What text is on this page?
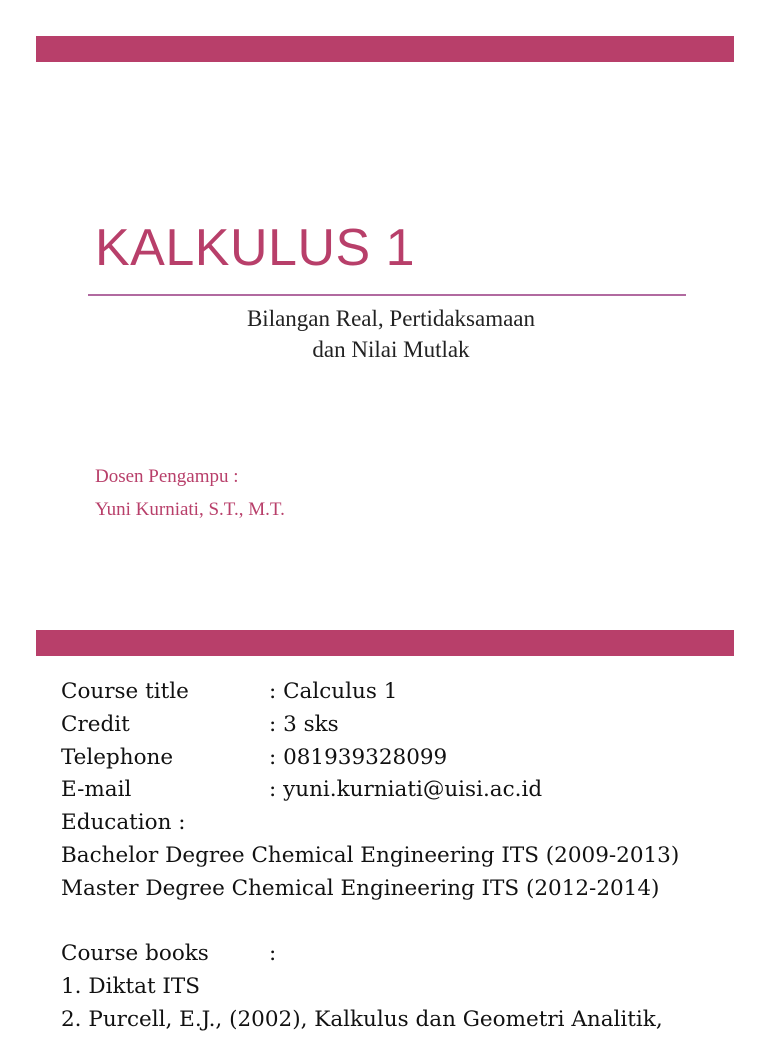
KALKULUS 1
Bilangan Real, Pertidaksamaan
dan Nilai Mutlak
Dosen Pengampu :
Yuni Kurniati, S.T., M.T.
Course title	: Calculus 1
Credit	: 3 sks
Telephone	: 081939328099
E-mail	: yuni.kurniati@uisi.ac.id
Education :
Bachelor Degree Chemical Engineering ITS (2009-2013)
Master Degree Chemical Engineering ITS (2012-2014)
Course books	:
1. Diktat ITS
2. Purcell, E.J., (2002), Kalkulus dan Geometri Analitik,
